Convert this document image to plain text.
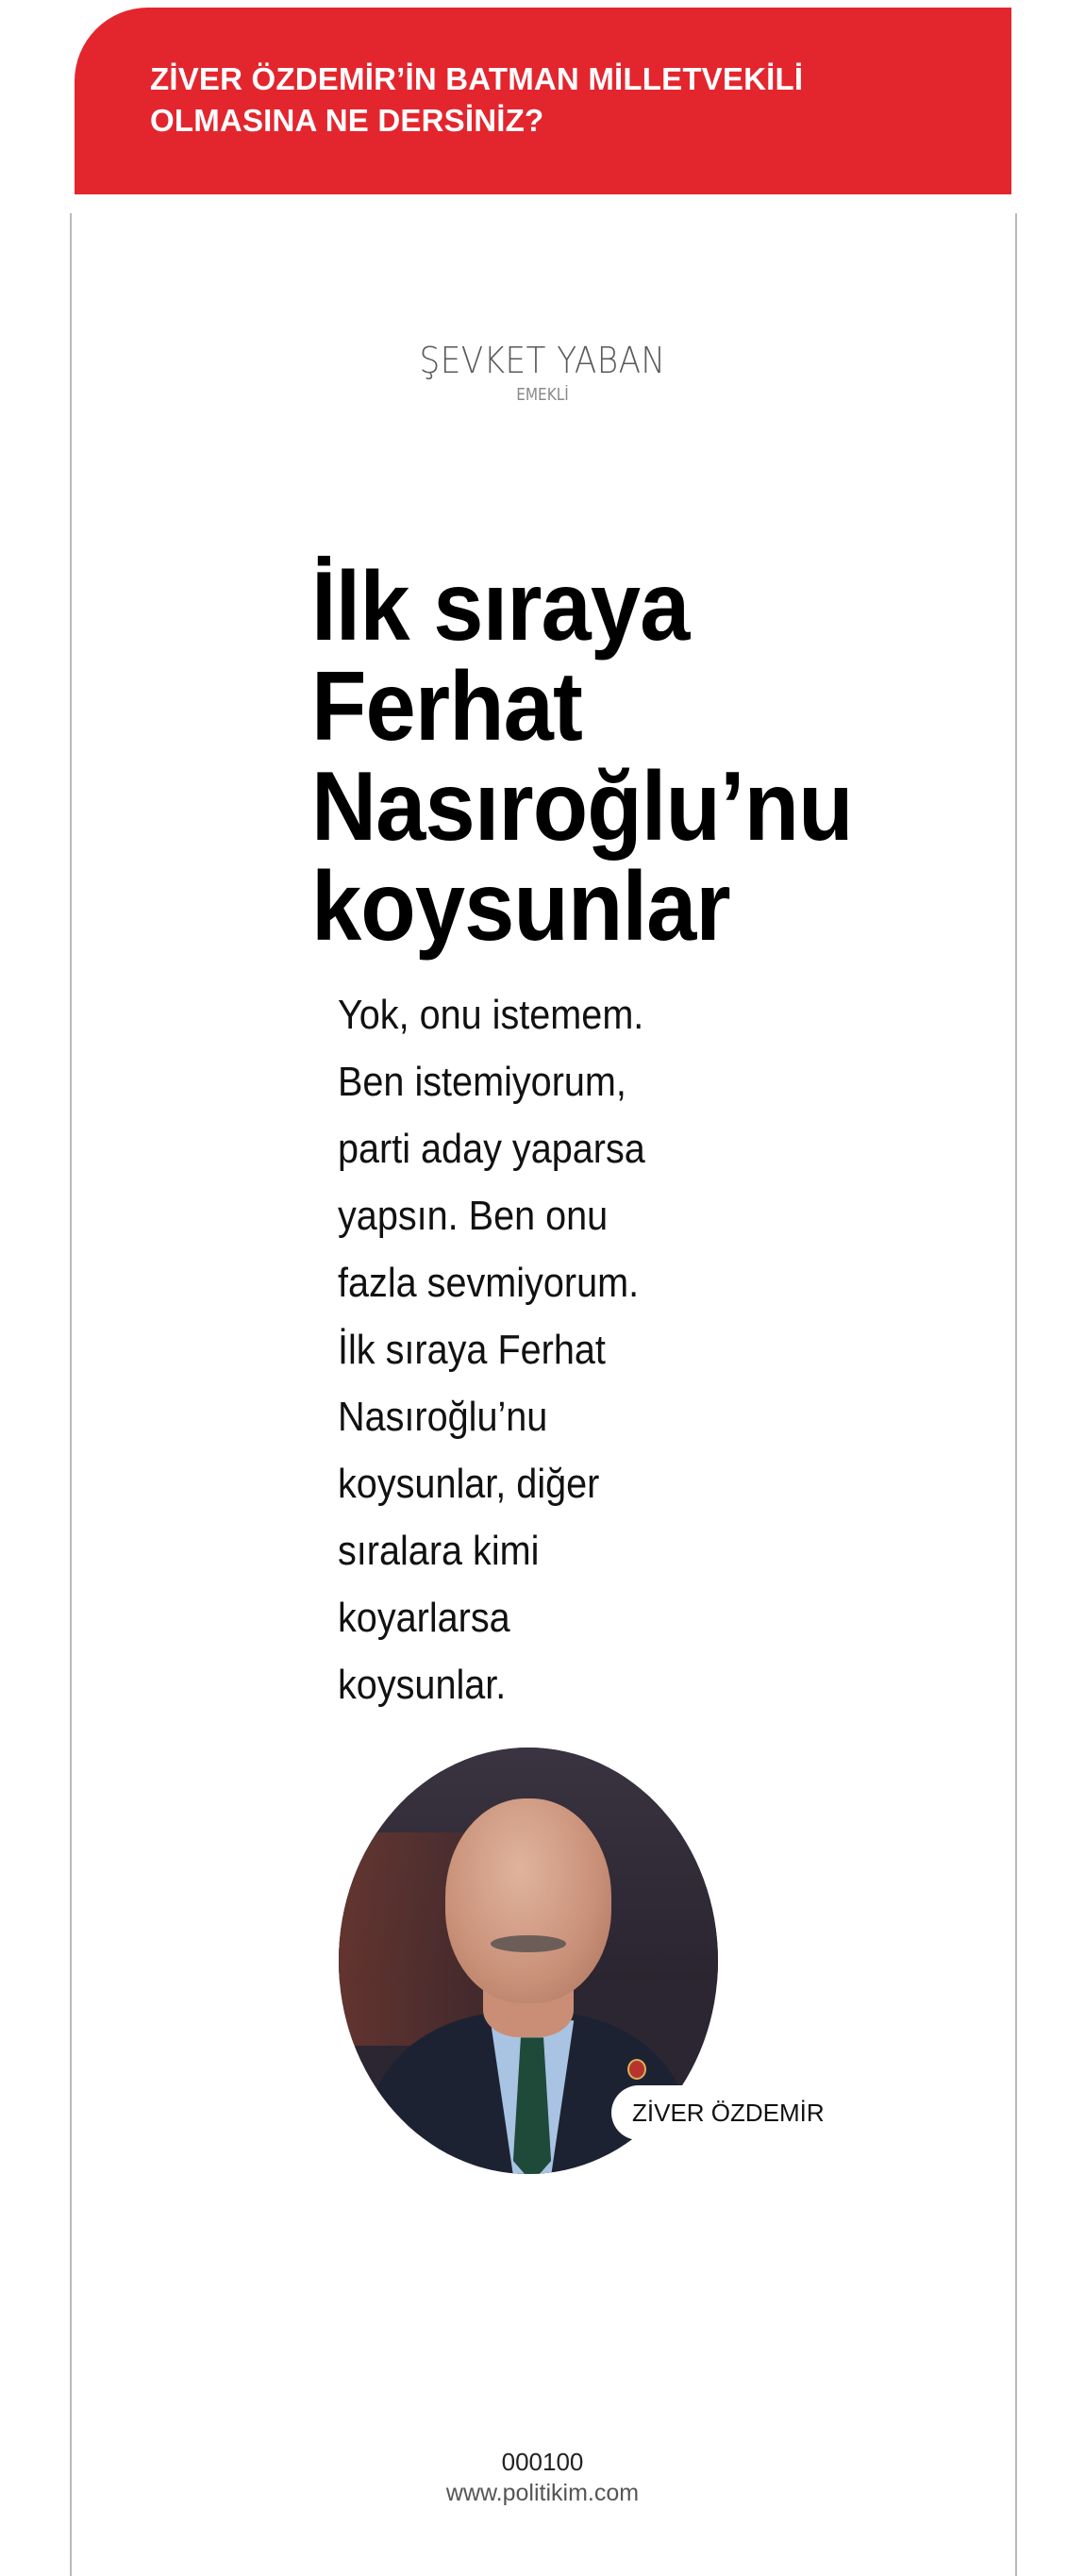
ZİVER ÖZDEMİR’İN BATMAN MİLLETVEKİLİ
OLMASINA NE DERSİNİZ?
ŞEVKET YABAN
EMEKLİ
İlk sıraya
Ferhat
Nasıroğlu’nu
koysunlar

Yok, onu istemem.
Ben istemiyorum,
parti aday yaparsa
yapsın. Ben onu
fazla sevmiyorum.
İlk sıraya Ferhat
Nasıroğlu’nu
koysunlar, diğer
sıralara kimi
koyarlarsa
koysunlar.

ZİVER ÖZDEMİR
000100
www.politikim.com
